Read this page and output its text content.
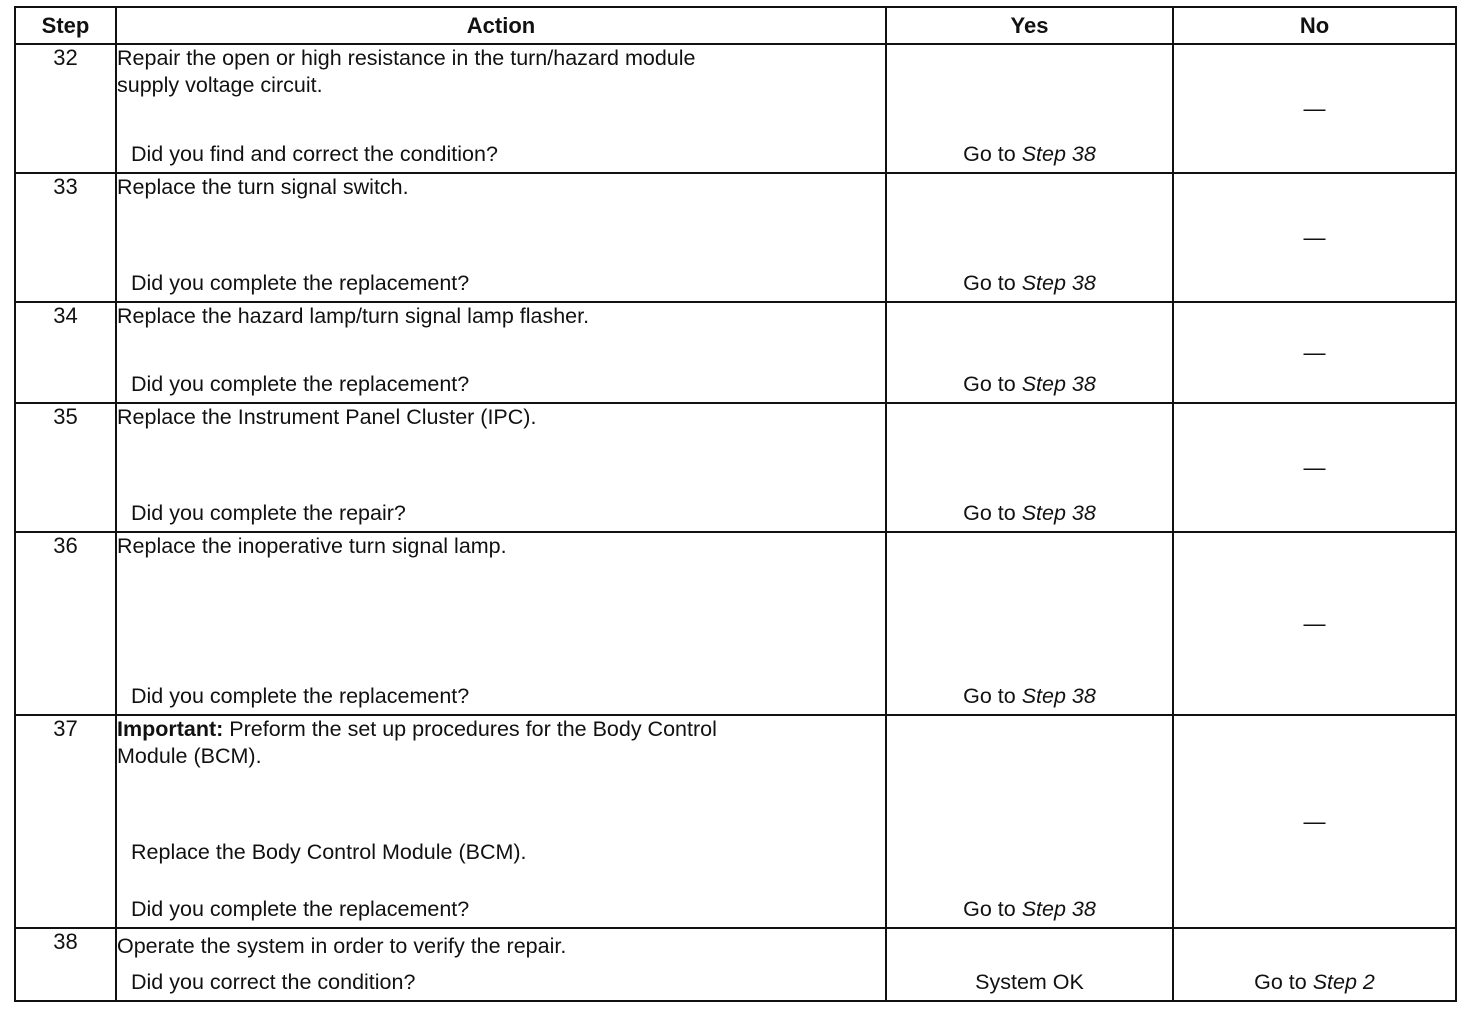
Step	Action	Yes	No
32	Repair the open or high resistance in the turn/hazard module
supply voltage circuit.
Did you find and correct the condition?	Go to Step 38	—

33	Replace the turn signal switch.
Did you complete the replacement?	Go to Step 38	—

34	Replace the hazard lamp/turn signal lamp flasher.
Did you complete the replacement?	Go to Step 38	—

35	Replace the Instrument Panel Cluster (IPC).
Did you complete the repair?	Go to Step 38	—

36	Replace the inoperative turn signal lamp.
Did you complete the replacement?	Go to Step 38	—

37	Important: Preform the set up procedures for the Body Control
Module (BCM).
Replace the Body Control Module (BCM).
Did you complete the replacement?	Go to Step 38	—

38	Operate the system in order to verify the repair.
Did you correct the condition?	System OK	Go to Step 2
